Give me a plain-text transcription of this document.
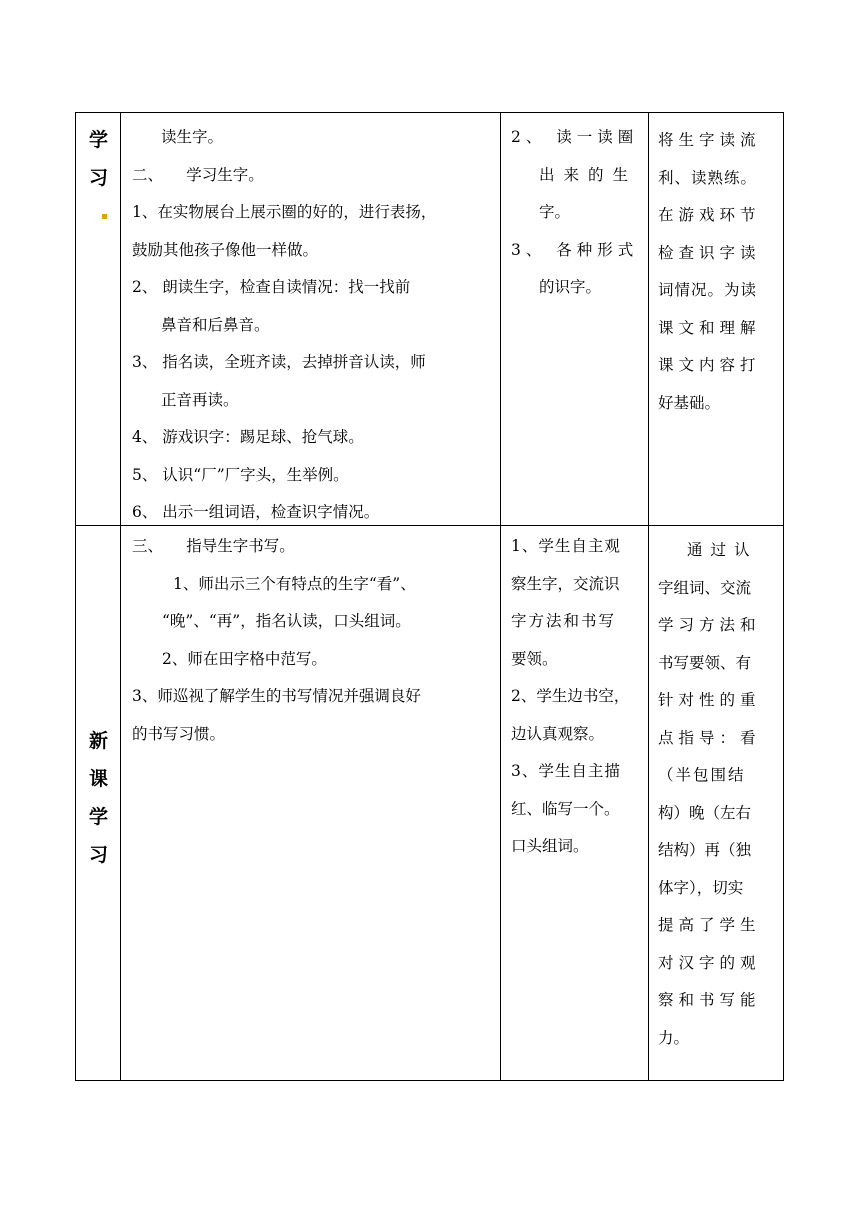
学
习

读生字。

二、　　学习生字。

1、在实物展台上展示圈的好的，进行表扬，

鼓励其他孩子像他一样做。

2、 朗读生字，检查自读情况：找一找前

鼻音和后鼻音。

3、 指名读，全班齐读，去掉拼音认读，师

正音再读。

4、 游戏识字：踢足球、抢气球。

5、 认识“厂”厂字头，生举例。

6、 出示一组词语，检查识字情况。

2、 读一读圈

出来的生

字。

3、 各种形式

的识字。

将生字读流

利、读熟练。

在游戏环节

检查识字读

词情况。为读

课文和理解

课文内容打

好基础。

新
课
学
习

三、　　指导生字书写。

1、师出示三个有特点的生字“看”、

“晚”、“再”，指名认读，口头组词。

2、师在田字格中范写。

3、师巡视了解学生的书写情况并强调良好

的书写习惯。

1、学生自主观

察生字，交流识

字方法和书写

要领。

2、学生边书空，

边认真观察。

3、学生自主描

红、临写一个。

口头组词。

通过认

字组词、交流

学习方法和

书写要领、有

针对性的重

点指导：看

（半包围结

构）晚（左右

结构）再（独

体字），切实

提高了学生

对汉字的观

察和书写能

力。
